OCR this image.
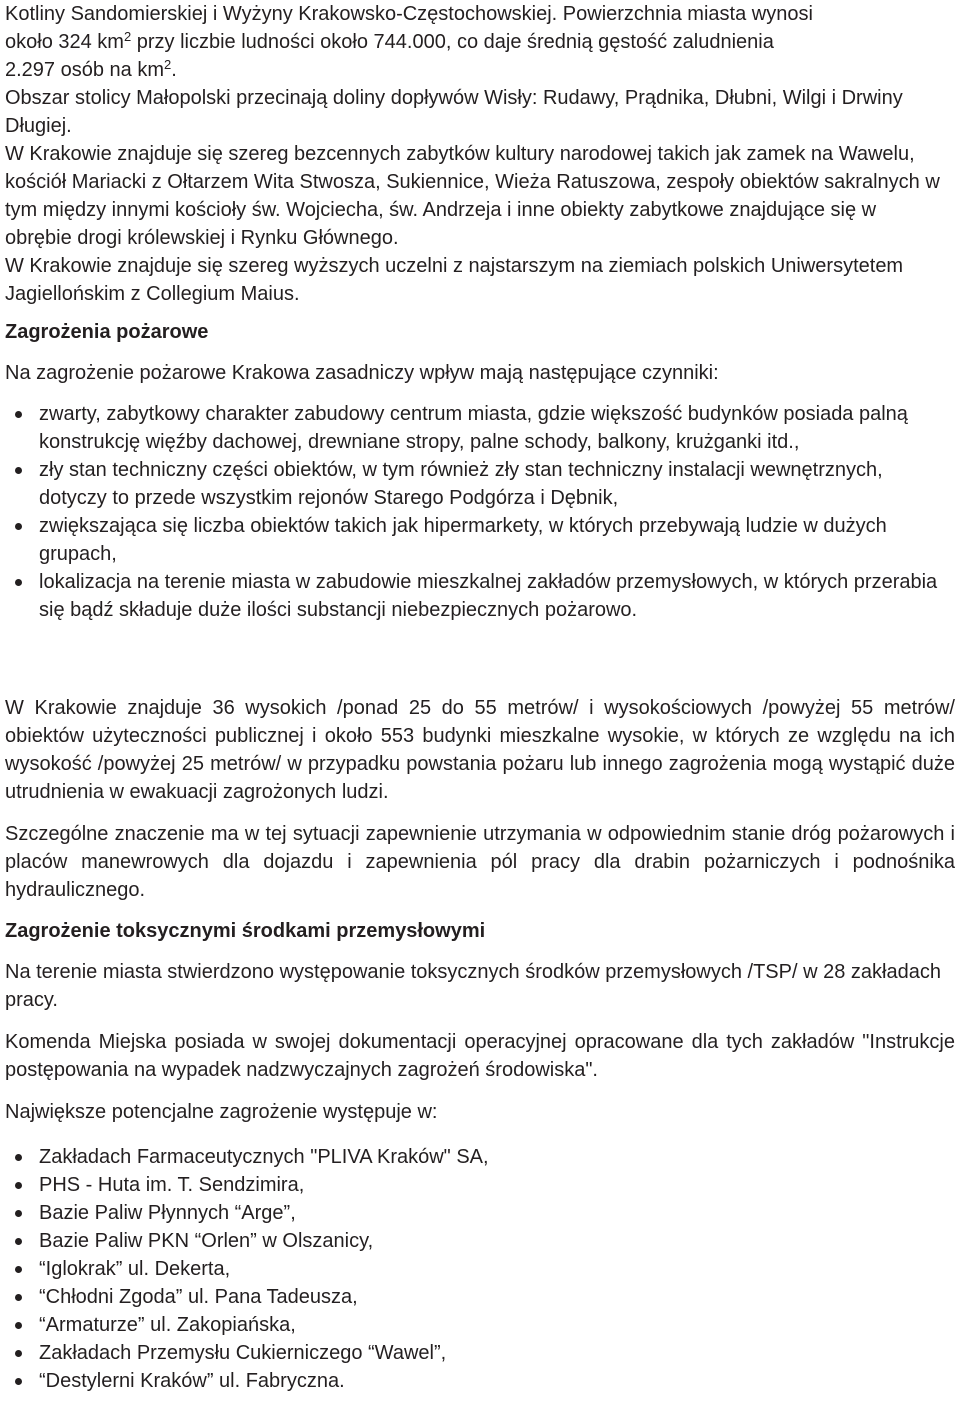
Kotliny Sandomierskiej i Wyżyny Krakowsko-Częstochowskiej. Powierzchnia miasta wynosi

około 324 $km^2$ przy liczbie ludności około 744.000, co daje średnią gęstość zaludnienia

2.297 osób na $km^2$.

Obszar stolicy Małopolski przecinają doliny dopływów Wisły: Rudawy, Prądnika, Dłubni, Wilgi i Drwiny Długiej.

W Krakowie znajduje się szereg bezcennych zabytków kultury narodowej takich jak zamek na Wawelu, kościół Mariacki z Ołtarzem Wita Stwosza, Sukiennice, Wieża Ratuszowa, zespoły obiektów sakralnych w tym między innymi kościoły św. Wojciecha, św. Andrzeja i inne obiekty zabytkowe znajdujące się w obrębie drogi królewskiej i Rynku Głównego.

W Krakowie znajduje się szereg wyższych uczelni z najstarszym na ziemiach polskich Uniwersytetem Jagiellońskim z Collegium Maius.

Zagrożenia pożarowe

Na zagrożenie pożarowe Krakowa zasadniczy wpływ mają następujące czynniki:

zwarty, zabytkowy charakter zabudowy centrum miasta, gdzie większość budynków posiada palną konstrukcję więźby dachowej, drewniane stropy, palne schody, balkony, krużganki itd.,
zły stan techniczny części obiektów, w tym również zły stan techniczny instalacji wewnętrznych, dotyczy to przede wszystkim rejonów Starego Podgórza i Dębnik,
zwiększająca się liczba obiektów takich jak hipermarkety, w których przebywają ludzie w dużych grupach,
lokalizacja na terenie miasta w zabudowie mieszkalnej zakładów przemysłowych, w których przerabia się bądź składuje duże ilości substancji niebezpiecznych pożarowo.

W Krakowie znajduje 36 wysokich /ponad 25 do 55 metrów/ i wysokościowych /powyżej 55 metrów/ obiektów użyteczności publicznej i około 553 budynki mieszkalne wysokie, w których ze względu na ich wysokość /powyżej 25 metrów/ w przypadku powstania pożaru lub innego zagrożenia mogą wystąpić duże utrudnienia w ewakuacji zagrożonych ludzi.

Szczególne znaczenie ma w tej sytuacji zapewnienie utrzymania w odpowiednim stanie dróg pożarowych i placów manewrowych dla dojazdu i zapewnienia pól pracy dla drabin pożarniczych i podnośnika hydraulicznego.

Zagrożenie toksycznymi środkami przemysłowymi

Na terenie miasta stwierdzono występowanie toksycznych środków przemysłowych /TSP/ w 28 zakładach pracy.

Komenda Miejska posiada w swojej dokumentacji operacyjnej opracowane dla tych zakładów "Instrukcje postępowania na wypadek nadzwyczajnych zagrożeń środowiska".

Największe potencjalne zagrożenie występuje w:

Zakładach Farmaceutycznych "PLIVA Kraków" SA,
PHS - Huta im. T. Sendzimira,
Bazie Paliw Płynnych “Arge”,
Bazie Paliw PKN “Orlen” w Olszanicy,
“Iglokrak” ul. Dekerta,
“Chłodni Zgoda” ul. Pana Tadeusza,
“Armaturze” ul. Zakopiańska,
Zakładach Przemysłu Cukierniczego “Wawel”,
“Destylerni Kraków” ul. Fabryczna.
